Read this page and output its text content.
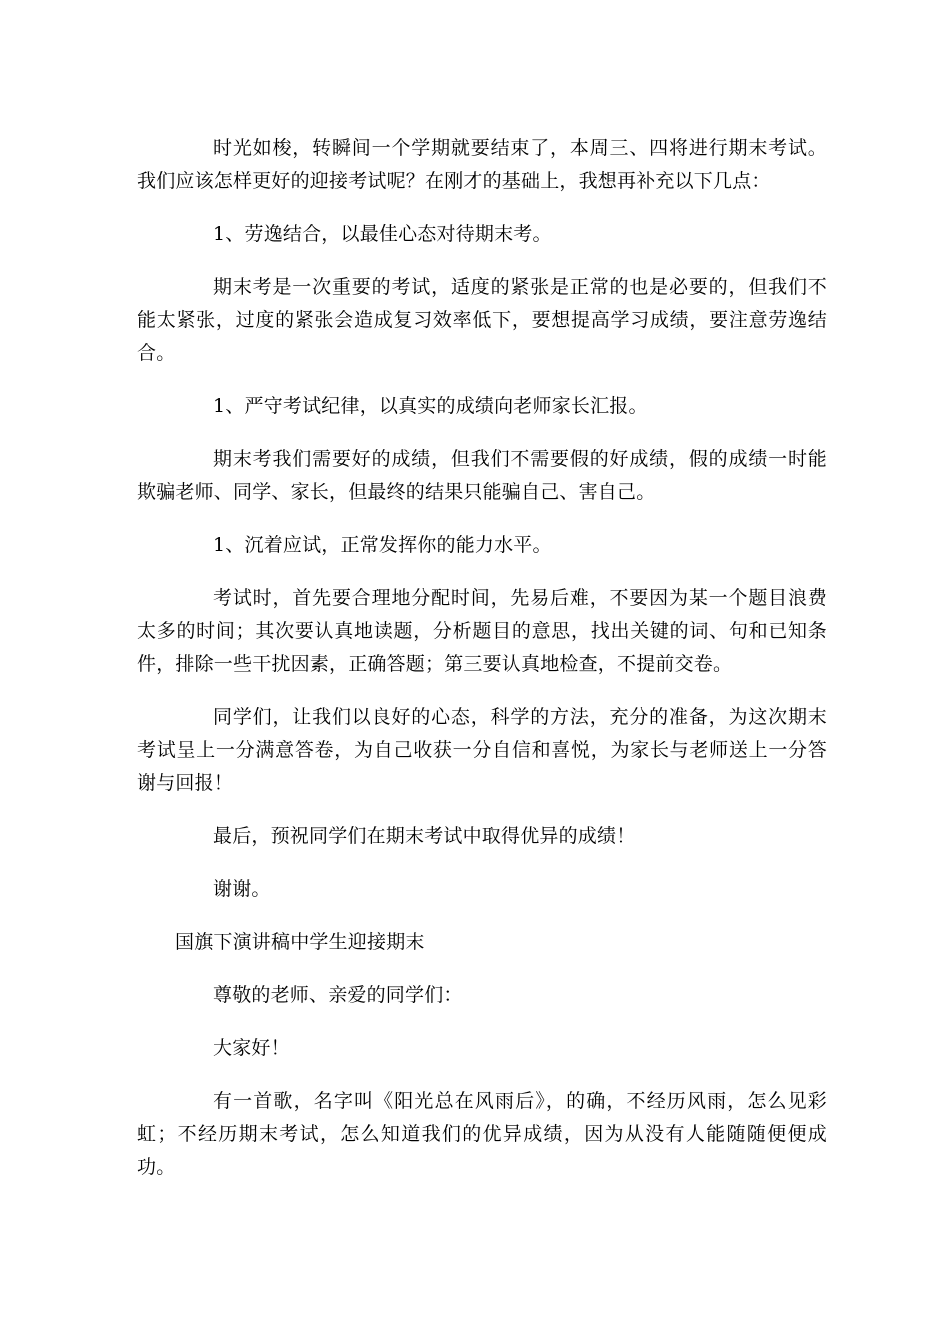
时光如梭，转瞬间一个学期就要结束了，本周三、四将进行期末考试。我们应该怎样更好的迎接考试呢？在刚才的基础上，我想再补充以下几点：

1、劳逸结合，以最佳心态对待期末考。

期末考是一次重要的考试，适度的紧张是正常的也是必要的，但我们不能太紧张，过度的紧张会造成复习效率低下，要想提高学习成绩，要注意劳逸结合。

1、严守考试纪律，以真实的成绩向老师家长汇报。

期末考我们需要好的成绩，但我们不需要假的好成绩，假的成绩一时能欺骗老师、同学、家长，但最终的结果只能骗自己、害自己。

1、沉着应试，正常发挥你的能力水平。

考试时，首先要合理地分配时间，先易后难，不要因为某一个题目浪费太多的时间；其次要认真地读题，分析题目的意思，找出关键的词、句和已知条件，排除一些干扰因素，正确答题；第三要认真地检查，不提前交卷。

同学们，让我们以良好的心态，科学的方法，充分的准备，为这次期末考试呈上一分满意答卷，为自己收获一分自信和喜悦，为家长与老师送上一分答谢与回报！

最后，预祝同学们在期末考试中取得优异的成绩！

谢谢。

国旗下演讲稿中学生迎接期末

尊敬的老师、亲爱的同学们：

大家好！

有一首歌，名字叫《阳光总在风雨后》，的确，不经历风雨，怎么见彩虹；不经历期末考试，怎么知道我们的优异成绩，因为从没有人能随随便便成功。
